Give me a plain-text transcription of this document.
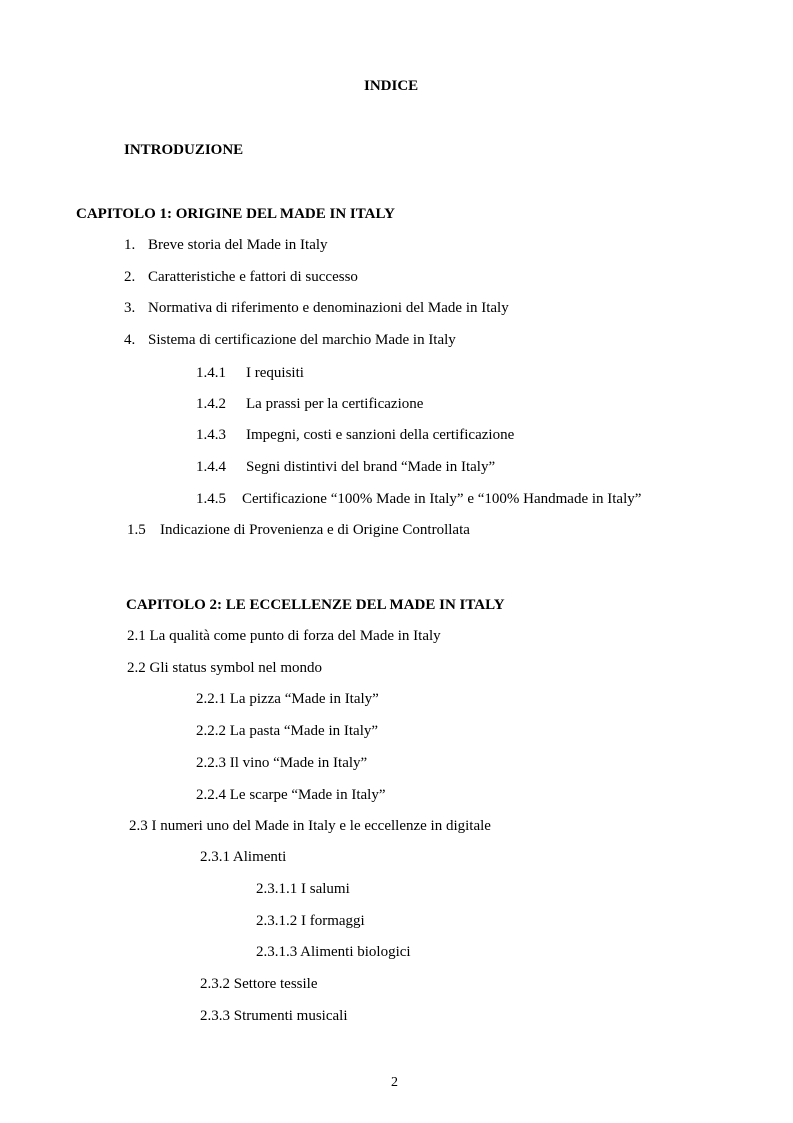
INDICE
INTRODUZIONE
CAPITOLO 1: ORIGINE DEL MADE IN ITALY
1. Breve storia del Made in Italy
2. Caratteristiche e fattori di successo
3. Normativa di riferimento e denominazioni del Made in Italy
4. Sistema di certificazione del marchio Made in Italy
1.4.1 I requisiti
1.4.2 La prassi per la certificazione
1.4.3 Impegni, costi e sanzioni della certificazione
1.4.4 Segni distintivi del brand “Made in Italy”
1.4.5 Certificazione “100% Made in Italy” e “100% Handmade in Italy”
1.5 Indicazione di Provenienza e di Origine Controllata
CAPITOLO 2: LE ECCELLENZE DEL MADE IN ITALY
2.1 La qualità come punto di forza del Made in Italy
2.2 Gli status symbol nel mondo
2.2.1 La pizza “Made in Italy”
2.2.2 La pasta “Made in Italy”
2.2.3 Il vino “Made in Italy”
2.2.4 Le scarpe “Made in Italy”
2.3 I numeri uno del Made in Italy e le eccellenze in digitale
2.3.1 Alimenti
2.3.1.1 I salumi
2.3.1.2 I formaggi
2.3.1.3 Alimenti biologici
2.3.2 Settore tessile
2.3.3 Strumenti musicali
2
